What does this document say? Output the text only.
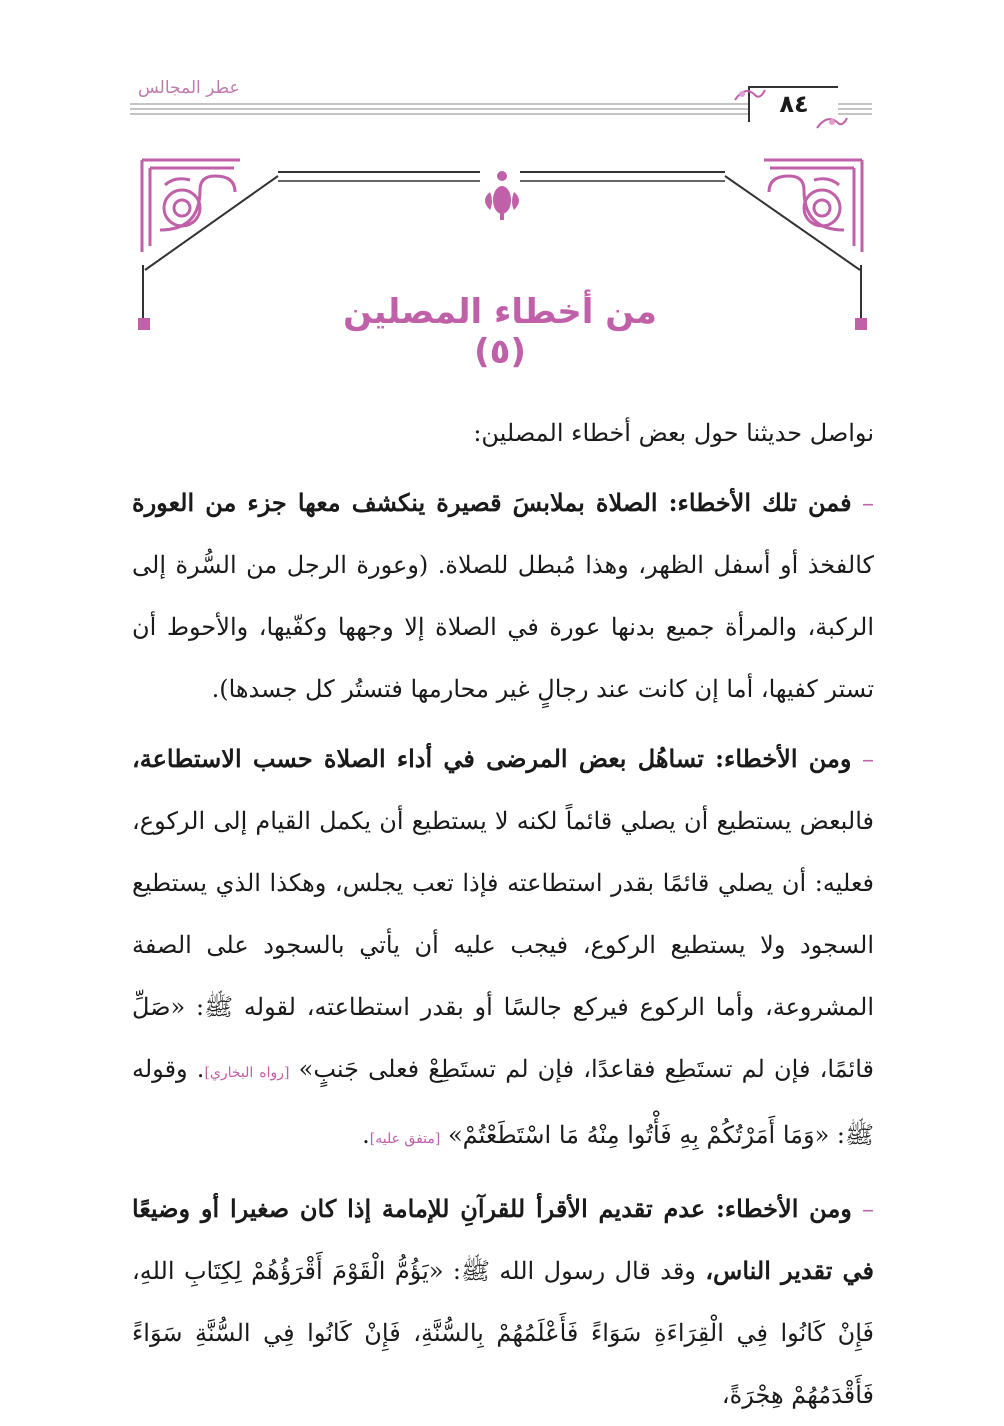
عطر المجالس
٨٤
من أخطاء المصلين (٥)

نواصل حديثنا حول بعض أخطاء المصلين:

– فمن تلك الأخطاء: الصلاة بملابسَ قصيرة ينكشف معها جزء من العورة كالفخذ أو أسفل الظهر، وهذا مُبطل للصلاة. (وعورة الرجل من السُّرة إلى الركبة، والمرأة جميع بدنها عورة في الصلاة إلا وجهها وكفّيها، والأحوط أن تستر كفيها، أما إن كانت عند رجالٍ غير محارمها فتستُر كل جسدها).

– ومن الأخطاء: تساهُل بعض المرضى في أداء الصلاة حسب الاستطاعة، فالبعض يستطيع أن يصلي قائماً لكنه لا يستطيع أن يكمل القيام إلى الركوع، فعليه: أن يصلي قائمًا بقدر استطاعته فإذا تعب يجلس، وهكذا الذي يستطيع السجود ولا يستطيع الركوع، فيجب عليه أن يأتي بالسجود على الصفة المشروعة، وأما الركوع فيركع جالسًا أو بقدر استطاعته، لقوله ﷺ: «صَلِّ قائمًا، فإن لم تستَطِع فقاعدًا، فإن لم تستَطِعْ فعلى جَنبٍ» [رواه البخاري]. وقوله ﷺ: «وَمَا أَمَرْتُكُمْ بِهِ فَأْتُوا مِنْهُ مَا اسْتَطَعْتُمْ» [متفق عليه].

– ومن الأخطاء: عدم تقديم الأقرأ للقرآنِ للإمامة إذا كان صغيرا أو وضيعًا في تقدير الناس، وقد قال رسول الله ﷺ: «يَؤُمُّ الْقَوْمَ أَقْرَؤُهُمْ لِكِتَابِ اللهِ، فَإِنْ كَانُوا فِي الْقِرَاءَةِ سَوَاءً فَأَعْلَمُهُمْ بِالسُّنَّةِ، فَإِنْ كَانُوا فِي السُّنَّةِ سَوَاءً فَأَقْدَمُهُمْ هِجْرَةً،
